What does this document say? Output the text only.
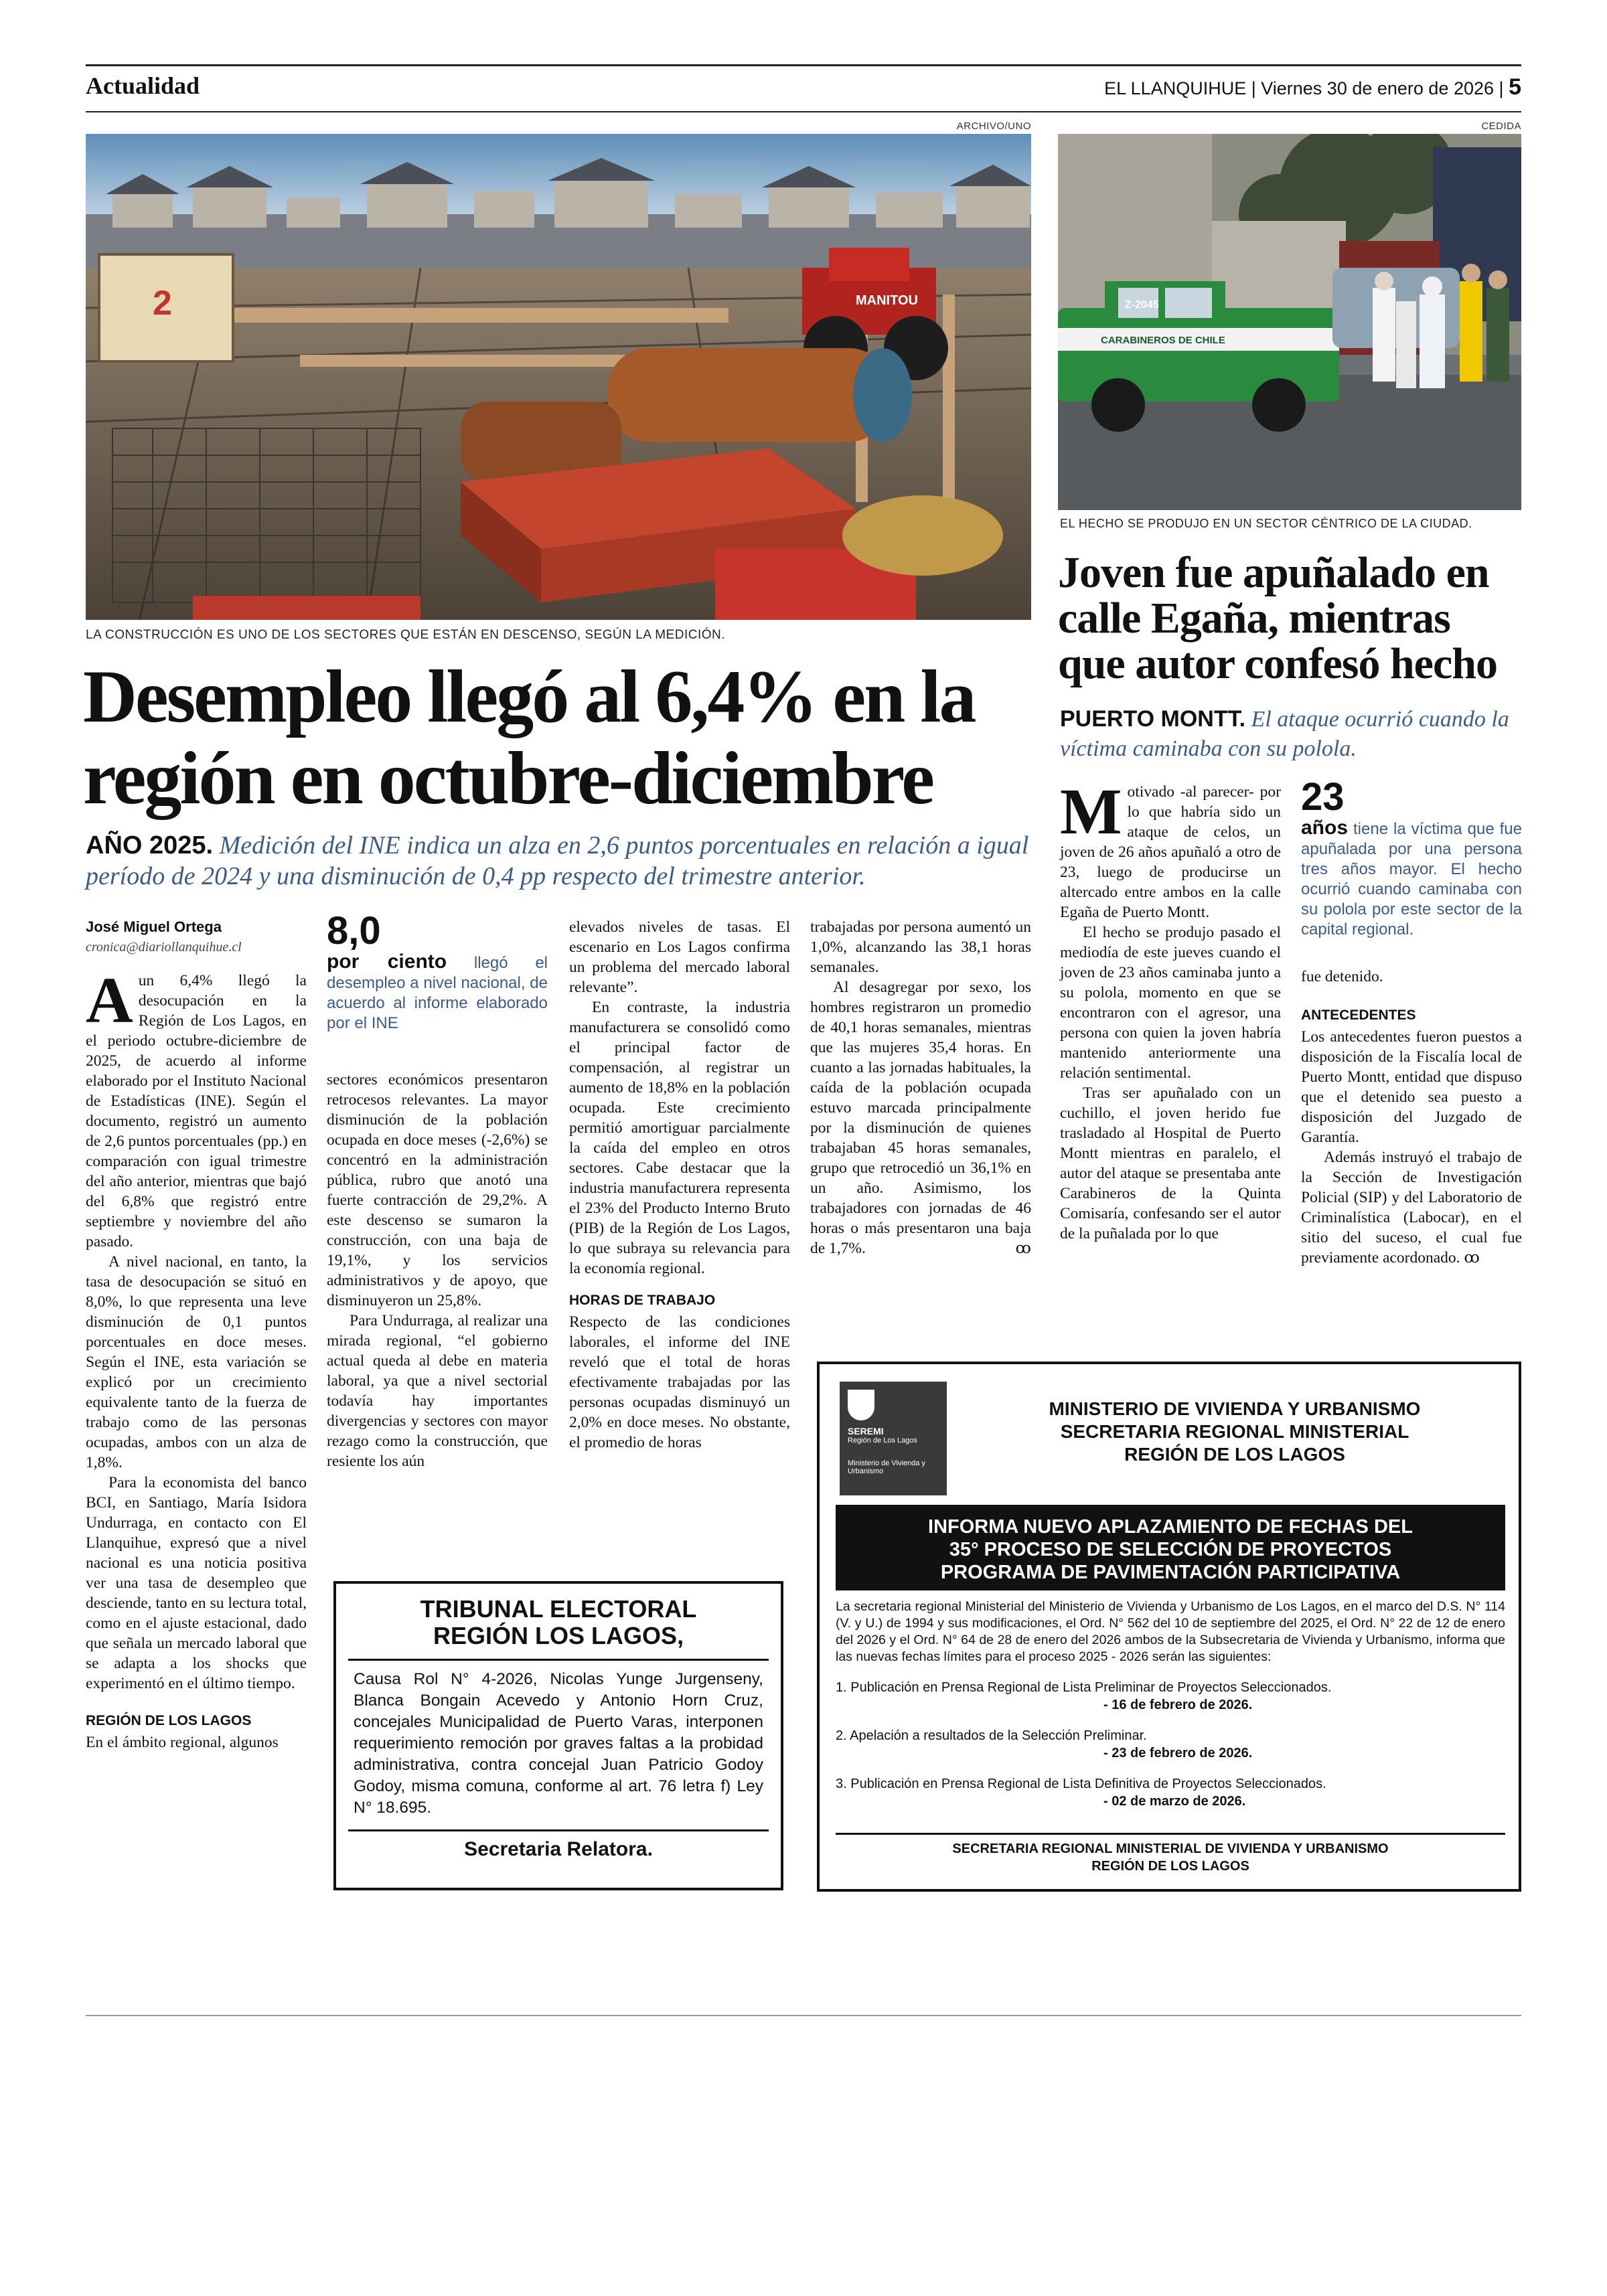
Actualidad	EL LLANQUIHUE | Viernes 30 de enero de 2026 | 5
ARCHIVO/UNO
2	MANITOU
LA CONSTRUCCIÓN ES UNO DE LOS SECTORES QUE ESTÁN EN DESCENSO, SEGÚN LA MEDICIÓN.
Desempleo llegó al 6,4% en la
región en octubre-diciembre
AÑO 2025. Medición del INE indica un alza en 2,6 puntos porcentuales en relación a igual período de 2024 y una disminución de 0,4 pp respecto del trimestre anterior.
José Miguel Ortega
cronica@diariollanquihue.cl

Aun 6,4% llegó la desocupación en la Región de Los Lagos, en el periodo octubre-diciembre de 2025, de acuerdo al informe elaborado por el Instituto Nacional de Estadísticas (INE). Según el documento, registró un aumento de 2,6 puntos porcentuales (pp.) en comparación con igual trimestre del año anterior, mientras que bajó del 6,8% que registró entre septiembre y noviembre del año pasado.

A nivel nacional, en tanto, la tasa de desocupación se situó en 8,0%, lo que representa una leve disminución de 0,1 puntos porcentuales en doce meses. Según el INE, esta variación se explicó por un crecimiento equivalente tanto de la fuerza de trabajo como de las personas ocupadas, ambos con un alza de 1,8%.

Para la economista del banco BCI, en Santiago, María Isidora Undurraga, en contacto con El Llanquihue, expresó que a nivel nacional es una noticia positiva ver una tasa de desempleo que desciende, tanto en su lectura total, como en el ajuste estacional, dado que señala un mercado laboral que se adapta a los shocks que experimentó en el último tiempo.

REGIÓN DE LOS LAGOS

En el ámbito regional, algunos

8,0
por ciento llegó el desempleo a nivel nacional, de acuerdo al informe elaborado por el INE

sectores económicos presentaron retrocesos relevantes. La mayor disminución de la población ocupada en doce meses (-2,6%) se concentró en la administración pública, rubro que anotó una fuerte contracción de 29,2%. A este descenso se sumaron la construcción, con una baja de 19,1%, y los servicios administrativos y de apoyo, que disminuyeron un 25,8%.

Para Undurraga, al realizar una mirada regional, “el gobierno actual queda al debe en materia laboral, ya que a nivel sectorial todavía hay importantes divergencias y sectores con mayor rezago como la construcción, que resiente los aún

elevados niveles de tasas. El escenario en Los Lagos confirma un problema del mercado laboral relevante”.

En contraste, la industria manufacturera se consolidó como el principal factor de compensación, al registrar un aumento de 18,8% en la población ocupada. Este crecimiento permitió amortiguar parcialmente la caída del empleo en otros sectores. Cabe destacar que la industria manufacturera representa el 23% del Producto Interno Bruto (PIB) de la Región de Los Lagos, lo que subraya su relevancia para la economía regional.

HORAS DE TRABAJO

Respecto de las condiciones laborales, el informe del INE reveló que el total de horas efectivamente trabajadas por las personas ocupadas disminuyó un 2,0% en doce meses. No obstante, el promedio de horas

trabajadas por persona aumentó un 1,0%, alcanzando las 38,1 horas semanales.

Al desagregar por sexo, los hombres registraron un promedio de 40,1 horas semanales, mientras que las mujeres 35,4 horas. En cuanto a las jornadas habituales, la caída de la población ocupada estuvo marcada principalmente por la disminución de quienes trabajaban 45 horas semanales, grupo que retrocedió un 36,1% en un año. Asimismo, los trabajadores con jornadas de 46 horas o más presentaron una baja de 1,7%.	ꝏ

CEDIDA
CARABINEROS DE CHILE
Z-2045
EL HECHO SE PRODUJO EN UN SECTOR CÉNTRICO DE LA CIUDAD.
Joven fue apuñalado en
calle Egaña, mientras
que autor confesó hecho
PUERTO MONTT. El ataque ocurrió cuando la víctima caminaba con su polola.

Motivado -al parecer- por lo que habría sido un ataque de celos, un joven de 26 años apuñaló a otro de 23, luego de producirse un altercado entre ambos en la calle Egaña de Puerto Montt.

El hecho se produjo pasado el mediodía de este jueves cuando el joven de 23 años caminaba junto a su polola, momento en que se encontraron con el agresor, una persona con quien la joven habría mantenido anteriormente una relación sentimental.

Tras ser apuñalado con un cuchillo, el joven herido fue trasladado al Hospital de Puerto Montt mientras en paralelo, el autor del ataque se presentaba ante Carabineros de la Quinta Comisaría, confesando ser el autor de la puñalada por lo que

23
años tiene la víctima que fue apuñalada por una persona tres años mayor. El hecho ocurrió cuando caminaba con su polola por este sector de la capital regional.

fue detenido.

ANTECEDENTES

Los antecedentes fueron puestos a disposición de la Fiscalía local de Puerto Montt, entidad que dispuso que el detenido sea puesto a disposición del Juzgado de Garantía.

Además instruyó el trabajo de la Sección de Investigación Policial (SIP) y del Laboratorio de Criminalística (Labocar), en el sitio del suceso, el cual fue previamente acordonado. ꝏ

TRIBUNAL ELECTORAL
REGIÓN LOS LAGOS,
Causa Rol N° 4-2026, Nicolas Yunge Jurgenseny, Blanca Bongain Acevedo y Antonio Horn Cruz, concejales Municipalidad de Puerto Varas, interponen requerimiento remoción por graves faltas a la probidad administrativa, contra concejal Juan Patricio Godoy Godoy, misma comuna, conforme al art. 76 letra f) Ley N° 18.695.
Secretaria Relatora.
SEREMI
Región de Los Lagos
Ministerio de Vivienda y Urbanismo
MINISTERIO DE VIVIENDA Y URBANISMO
SECRETARIA REGIONAL MINISTERIAL
REGIÓN DE LOS LAGOS
INFORMA NUEVO APLAZAMIENTO DE FECHAS DEL
35° PROCESO DE SELECCIÓN DE PROYECTOS
PROGRAMA DE PAVIMENTACIÓN PARTICIPATIVA
La secretaria regional Ministerial del Ministerio de Vivienda y Urbanismo de Los Lagos, en el marco del D.S. N° 114 (V. y U.) de 1994 y sus modificaciones, el Ord. N° 562 del 10 de septiembre del 2025, el Ord. N° 22 de 12 de enero del 2026 y el Ord. N° 64 de 28 de enero del 2026 ambos de la Subsecretaria de Vivienda y Urbanismo, informa que las nuevas fechas límites para el proceso 2025 - 2026 serán las siguientes:
1. Publicación en Prensa Regional de Lista Preliminar de Proyectos Seleccionados.
- 16 de febrero de 2026.
2. Apelación a resultados de la Selección Preliminar.
- 23 de febrero de 2026.
3. Publicación en Prensa Regional de Lista Definitiva de Proyectos Seleccionados.
- 02 de marzo de 2026.
SECRETARIA REGIONAL MINISTERIAL DE VIVIENDA Y URBANISMO
REGIÓN DE LOS LAGOS
